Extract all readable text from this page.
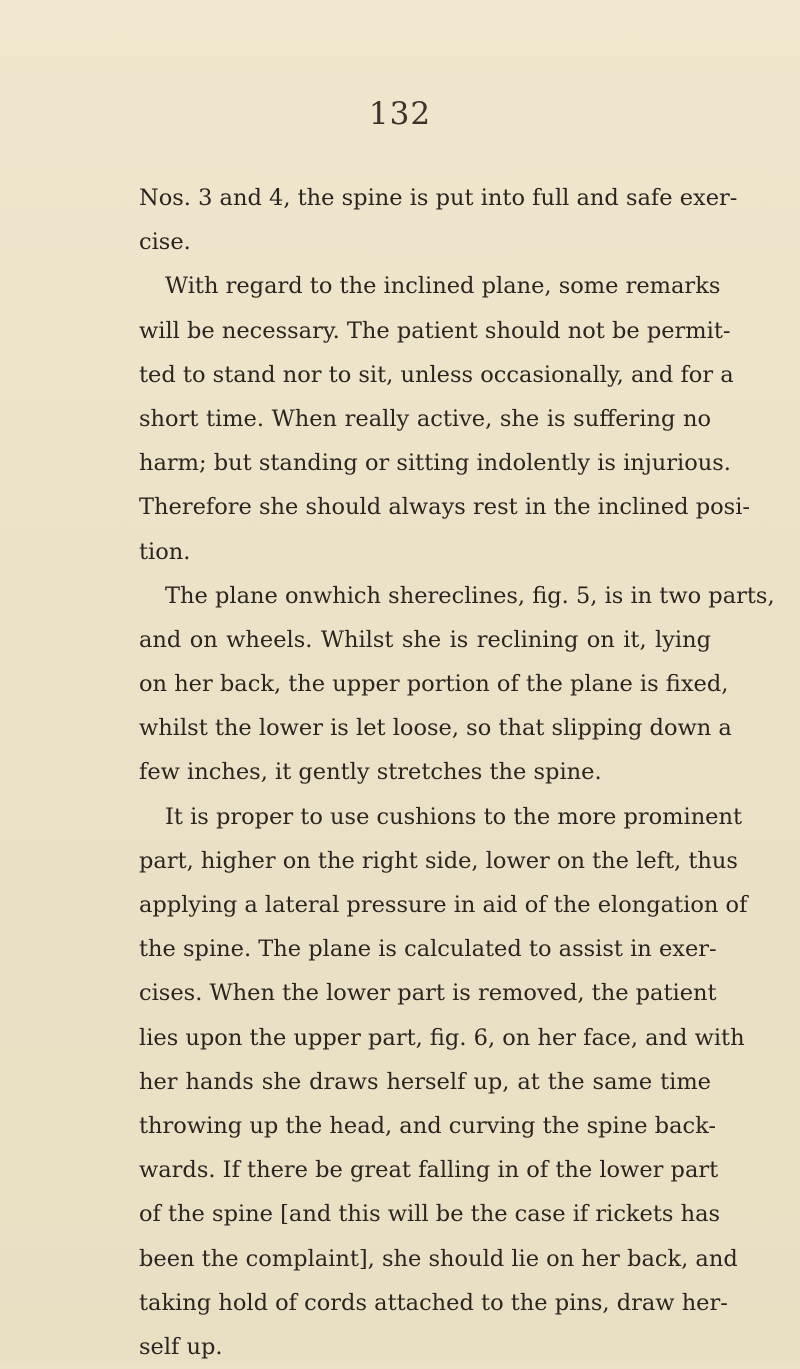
132
Nos. 3 and 4, the spine is put into full and safe exer-
cise.
With regard to the inclined plane, some remarks
will be necessary. The patient should not be permit-
ted to stand nor to sit, unless occasionally, and for a
short time. When really active, she is suffering no
harm; but standing or sitting indolently is injurious.
Therefore she should always rest in the inclined posi-
tion.
The plane onwhich shereclines, fig. 5, is in two parts,
and on wheels. Whilst she is reclining on it, lying
on her back, the upper portion of the plane is fixed,
whilst the lower is let loose, so that slipping down a
few inches, it gently stretches the spine.
It is proper to use cushions to the more prominent
part, higher on the right side, lower on the left, thus
applying a lateral pressure in aid of the elongation of
the spine. The plane is calculated to assist in exer-
cises. When the lower part is removed, the patient
lies upon the upper part, fig. 6, on her face, and with
her hands she draws herself up, at the same time
throwing up the head, and curving the spine back-
wards. If there be great falling in of the lower part
of the spine [and this will be the case if rickets has
been the complaint], she should lie on her back, and
taking hold of cords attached to the pins, draw her-
self up.
